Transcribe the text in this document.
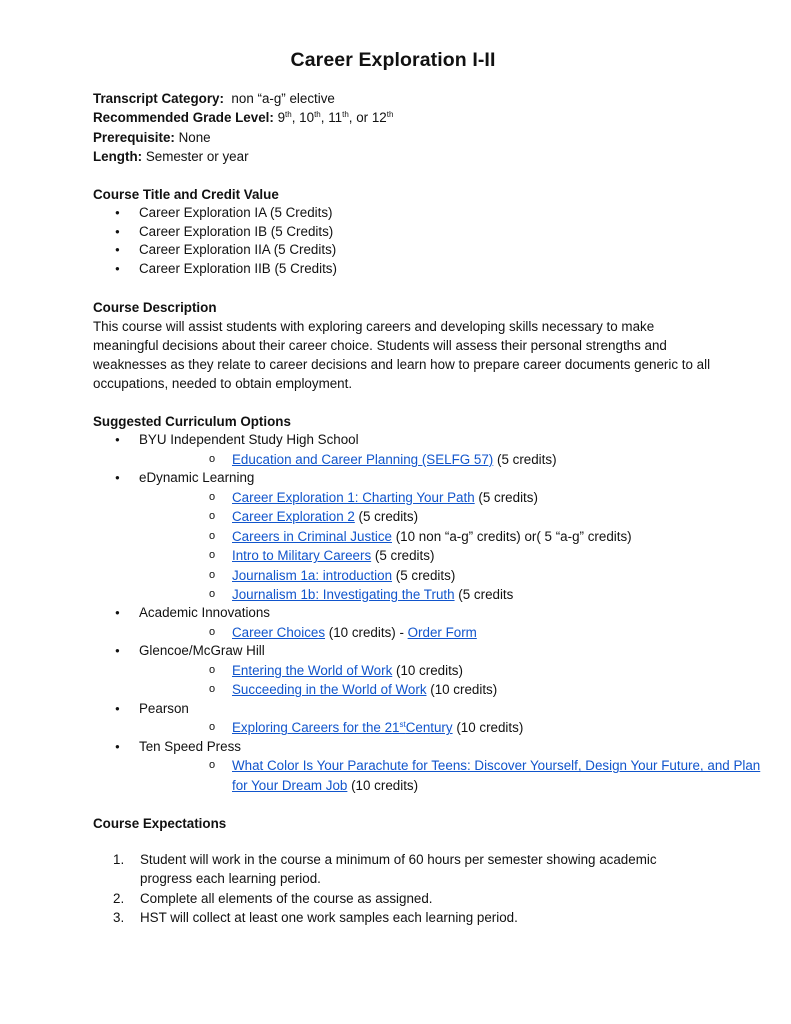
Career Exploration I-II
Transcript Category: non “a-g” elective
Recommended Grade Level: 9th, 10th, 11th, or 12th
Prerequisite: None
Length: Semester or year
Course Title and Credit Value
● Career Exploration IA (5 Credits)
● Career Exploration IB (5 Credits)
● Career Exploration IIA (5 Credits)
● Career Exploration IIB (5 Credits)
Course Description
This course will assist students with exploring careers and developing skills necessary to make meaningful decisions about their career choice. Students will assess their personal strengths and weaknesses as they relate to career decisions and learn how to prepare career documents generic to all occupations, needed to obtain employment.
Suggested Curriculum Options
● BYU Independent Study High School
o Education and Career Planning (SELFG 57) (5 credits)
● eDynamic Learning
o Career Exploration 1: Charting Your Path (5 credits)
o Career Exploration 2 (5 credits)
o Careers in Criminal Justice (10 non “a-g” credits) or( 5 “a-g” credits)
o Intro to Military Careers (5 credits)
o Journalism 1a: introduction (5 credits)
o Journalism 1b: Investigating the Truth (5 credits
● Academic Innovations
o Career Choices (10 credits) - Order Form
● Glencoe/McGraw Hill
o Entering the World of Work (10 credits)
o Succeeding in the World of Work (10 credits)
● Pearson
o Exploring Careers for the 21stCentury (10 credits)
● Ten Speed Press
o What Color Is Your Parachute for Teens: Discover Yourself, Design Your Future, and Plan for Your Dream Job (10 credits)
Course Expectations
1. Student will work in the course a minimum of 60 hours per semester showing academic progress each learning period.
2. Complete all elements of the course as assigned.
3. HST will collect at least one work samples each learning period.
